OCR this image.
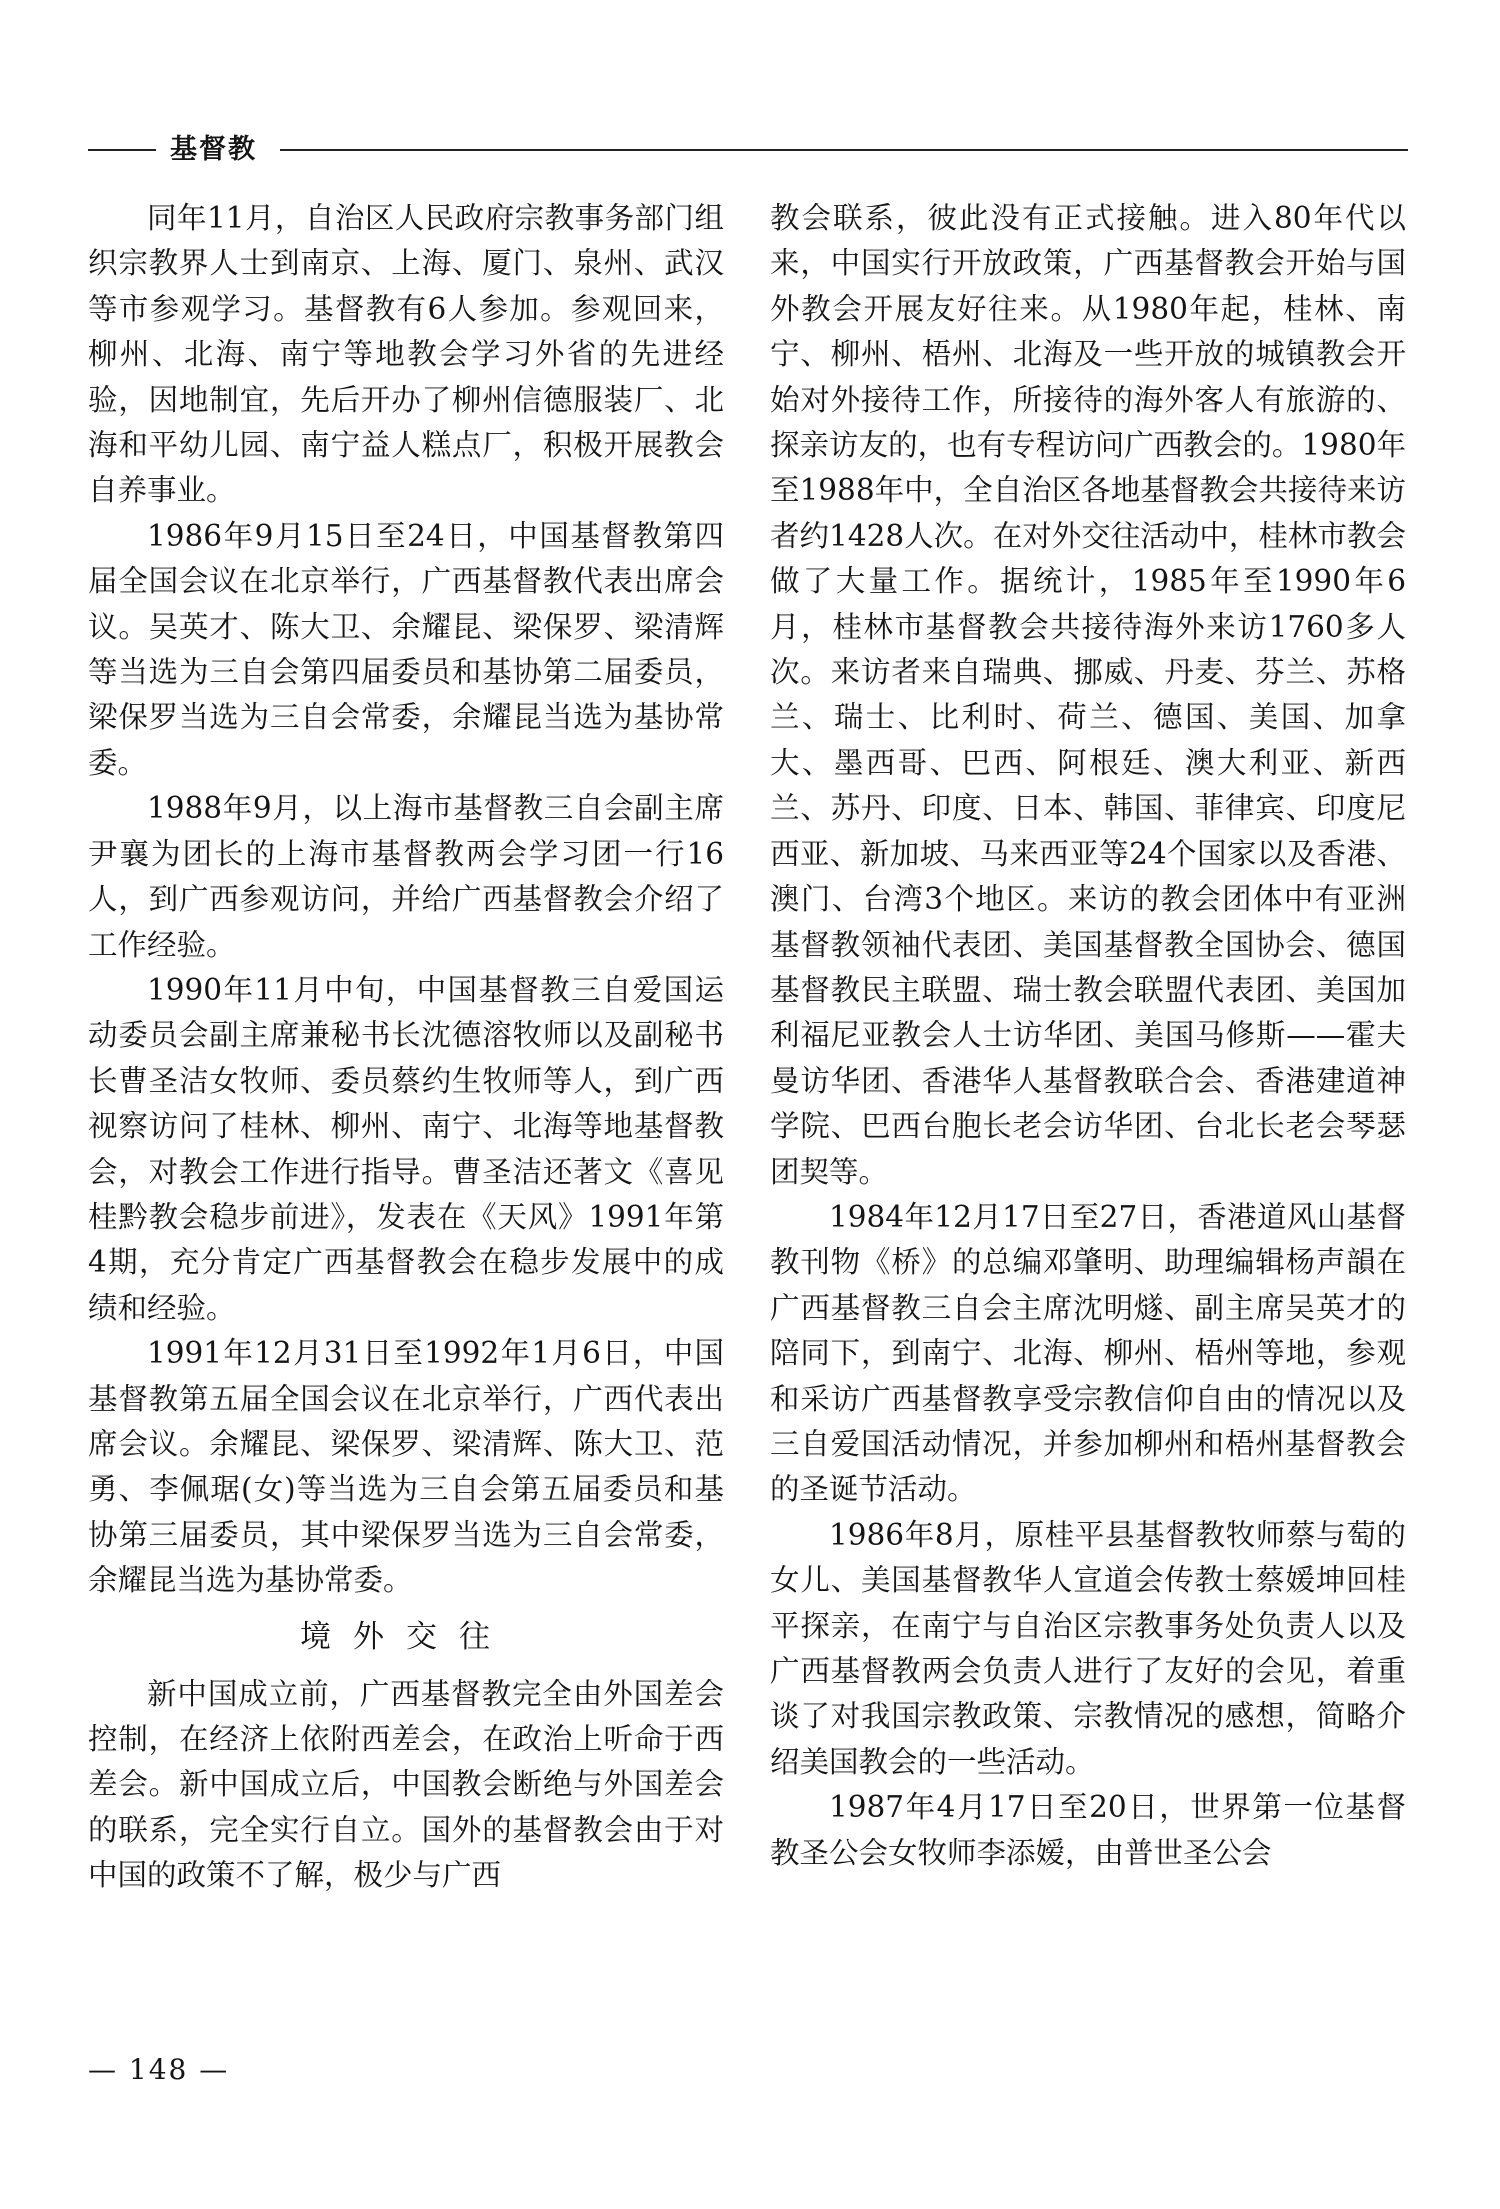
基督教

同年11月，自治区人民政府宗教事务部门组织宗教界人士到南京、上海、厦门、泉州、武汉等市参观学习。基督教有6人参加。参观回来，柳州、北海、南宁等地教会学习外省的先进经验，因地制宜，先后开办了柳州信德服装厂、北海和平幼儿园、南宁益人糕点厂，积极开展教会自养事业。

1986年9月15日至24日，中国基督教第四届全国会议在北京举行，广西基督教代表出席会议。吴英才、陈大卫、余耀昆、梁保罗、梁清辉等当选为三自会第四届委员和基协第二届委员，梁保罗当选为三自会常委，余耀昆当选为基协常委。

1988年9月，以上海市基督教三自会副主席尹襄为团长的上海市基督教两会学习团一行16人，到广西参观访问，并给广西基督教会介绍了工作经验。

1990年11月中旬，中国基督教三自爱国运动委员会副主席兼秘书长沈德溶牧师以及副秘书长曹圣洁女牧师、委员蔡约生牧师等人，到广西视察访问了桂林、柳州、南宁、北海等地基督教会，对教会工作进行指导。曹圣洁还著文《喜见桂黔教会稳步前进》，发表在《天风》1991年第4期，充分肯定广西基督教会在稳步发展中的成绩和经验。

1991年12月31日至1992年1月6日，中国基督教第五届全国会议在北京举行，广西代表出席会议。余耀昆、梁保罗、梁清辉、陈大卫、范勇、李佩琚(女)等当选为三自会第五届委员和基协第三届委员，其中梁保罗当选为三自会常委，余耀昆当选为基协常委。

境外交往

新中国成立前，广西基督教完全由外国差会控制，在经济上依附西差会，在政治上听命于西差会。新中国成立后，中国教会断绝与外国差会的联系，完全实行自立。国外的基督教会由于对中国的政策不了解，极少与广西

教会联系，彼此没有正式接触。进入80年代以来，中国实行开放政策，广西基督教会开始与国外教会开展友好往来。从1980年起，桂林、南宁、柳州、梧州、北海及一些开放的城镇教会开始对外接待工作，所接待的海外客人有旅游的、探亲访友的，也有专程访问广西教会的。1980年至1988年中，全自治区各地基督教会共接待来访者约1428人次。在对外交往活动中，桂林市教会做了大量工作。据统计，1985年至1990年6月，桂林市基督教会共接待海外来访1760多人次。来访者来自瑞典、挪威、丹麦、芬兰、苏格兰、瑞士、比利时、荷兰、德国、美国、加拿大、墨西哥、巴西、阿根廷、澳大利亚、新西兰、苏丹、印度、日本、韩国、菲律宾、印度尼西亚、新加坡、马来西亚等24个国家以及香港、澳门、台湾3个地区。来访的教会团体中有亚洲基督教领袖代表团、美国基督教全国协会、德国基督教民主联盟、瑞士教会联盟代表团、美国加利福尼亚教会人士访华团、美国马修斯——霍夫曼访华团、香港华人基督教联合会、香港建道神学院、巴西台胞长老会访华团、台北长老会琴瑟团契等。

1984年12月17日至27日，香港道风山基督教刊物《桥》的总编邓肇明、助理编辑杨声韻在广西基督教三自会主席沈明燧、副主席吴英才的陪同下，到南宁、北海、柳州、梧州等地，参观和采访广西基督教享受宗教信仰自由的情况以及三自爱国活动情况，并参加柳州和梧州基督教会的圣诞节活动。

1986年8月，原桂平县基督教牧师蔡与萄的女儿、美国基督教华人宣道会传教士蔡媛坤回桂平探亲，在南宁与自治区宗教事务处负责人以及广西基督教两会负责人进行了友好的会见，着重谈了对我国宗教政策、宗教情况的感想，简略介绍美国教会的一些活动。

1987年4月17日至20日，世界第一位基督教圣公会女牧师李添嫒，由普世圣公会

— 148 —
